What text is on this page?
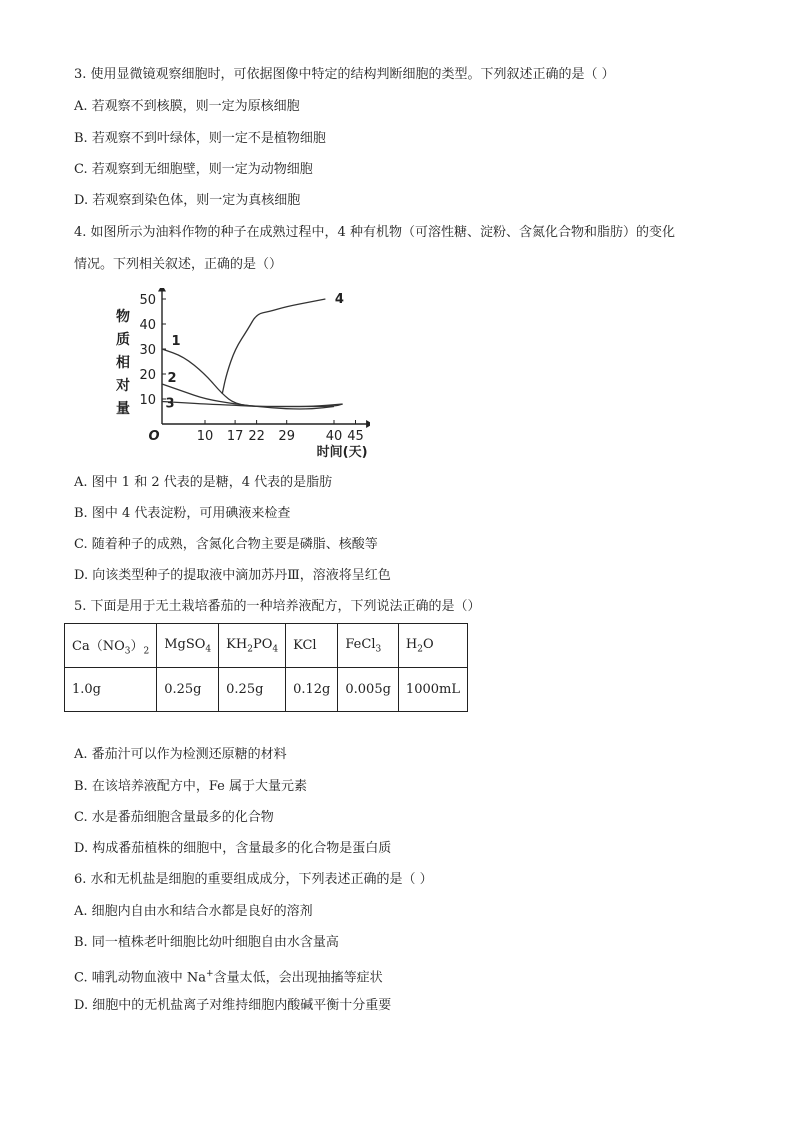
3. 使用显微镜观察细胞时，可依据图像中特定的结构判断细胞的类型。下列叙述正确的是（ ）
A. 若观察不到核膜，则一定为原核细胞
B. 若观察不到叶绿体，则一定不是植物细胞
C. 若观察到无细胞壁，则一定为动物细胞
D. 若观察到染色体，则一定为真核细胞
4. 如图所示为油料作物的种子在成熟过程中，4 种有机物（可溶性糖、淀粉、含氮化合物和脂肪）的变化
情况。下列相关叙述，正确的是（）
物
质
相
对
量
10 17 22 29 40 45
10
20
30
40
50
O
时间(天)
1
2
3
4
A. 图中 1 和 2 代表的是糖，4 代表的是脂肪
B. 图中 4 代表淀粉，可用碘液来检查
C. 随着种子的成熟，含氮化合物主要是磷脂、核酸等
D. 向该类型种子的提取液中滴加苏丹Ⅲ，溶液将呈红色
5. 下面是用于无土栽培番茄的一种培养液配方，下列说法正确的是（）
$Ca(NO_3)_2$	MgSO$_4$	$KH_2PO_4$	KCl	FeCl$_3$	$H_2O$
1.0g	0.25g	0.25g	0.12g	0.005g	1000mL
A. 番茄汁可以作为检测还原糖的材料
B. 在该培养液配方中，Fe 属于大量元素
C. 水是番茄细胞含量最多的化合物
D. 构成番茄植株的细胞中，含量最多的化合物是蛋白质
6. 水和无机盐是细胞的重要组成成分，下列表述正确的是（ ）
A. 细胞内自由水和结合水都是良好的溶剂
B. 同一植株老叶细胞比幼叶细胞自由水含量高
C. 哺乳动物血液中 Na+含量太低，会出现抽搐等症状
D. 细胞中的无机盐离子对维持细胞内酸碱平衡十分重要
